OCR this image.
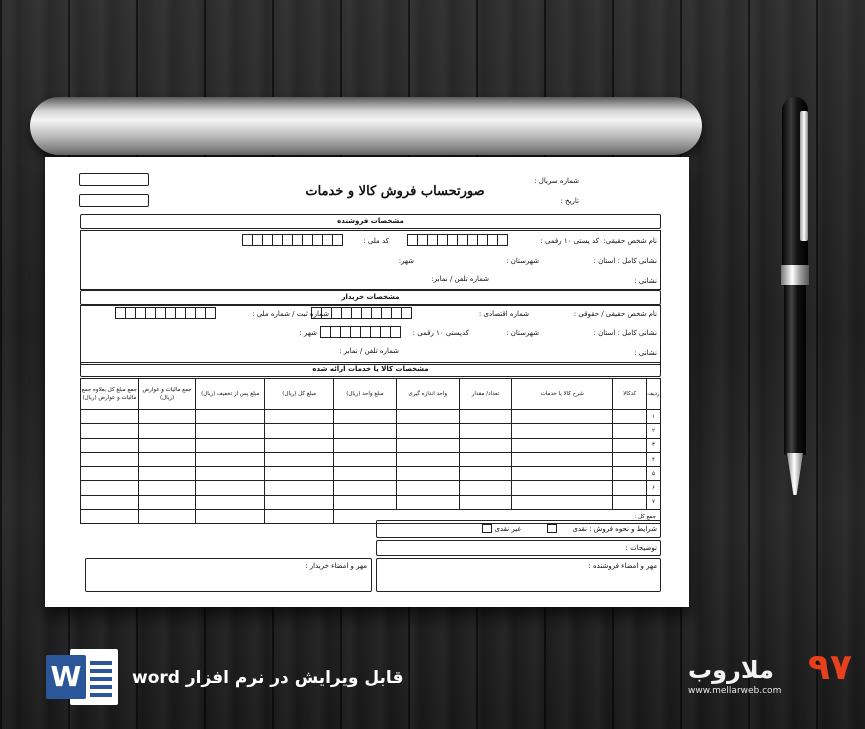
شماره سریال :
تاریخ :
صورتحساب فروش کالا و خدمات
مشخصات فروشنده
نام شخص حقیقی:
کد پستی ۱۰ رقمی :
کد ملی :
نشانی کامل : استان :
شهرستان :
شهر:
نشانی :
شماره تلفن / نمابر:
مشخصات خریدار
نام شخص حقیقی / حقوقی :
شماره اقتصادی :
شماره ثبت / شماره ملی :
نشانی کامل : استان :
شهرستان :
کدپستی ۱۰ رقمی :
شهر :
نشانی :
شماره تلفن / نمابر :
مشخصات کالا یا خدمات ارائه شده
ردیف	کدکالا	شرح کالا یا خدمات	تعداد/ مقدار	واحد اندازه گیری	مبلغ واحد (ریال)	مبلغ کل (ریال)	مبلغ پس از تخفیف (ریال)	جمع مالیات و عوارض (ریال)	جمع مبلغ کل بعلاوه جمع مالیات و عوارض (ریال)
۱									
۲									
۳									
۴									
۵									
۶									
۷									
جمع کل :									
شرایط و نحوه فروش :
نقدی
غیر نقدی
توضیحات :
مهر و امضاء فروشنده :
مهر و امضاء خریدار :
W	قابل ویرایش در نرم افزار word	۹۷
ملاروب
www.mellarweb.com
